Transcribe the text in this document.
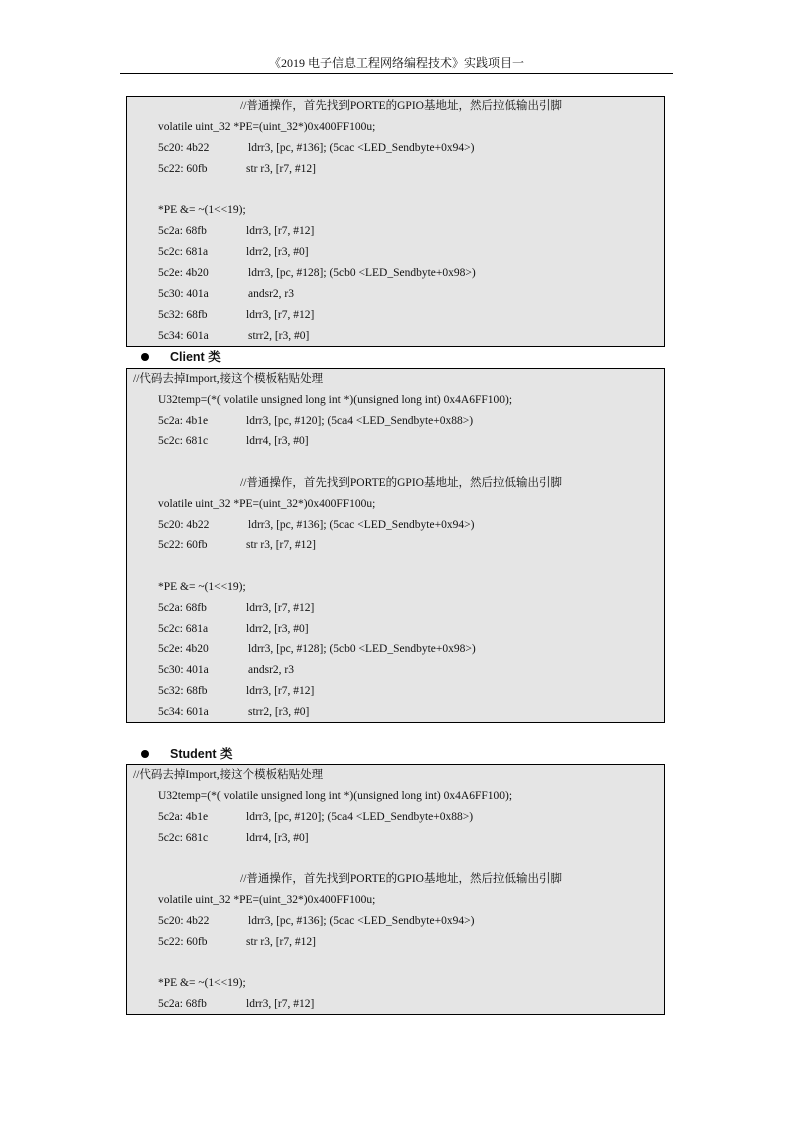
《2019 电子信息工程网络编程技术》实践项目一
//普通操作，首先找到PORTE的GPIO基地址，然后拉低输出引脚
volatile uint_32 *PE=(uint_32*)0x400FF100u;
5c20: 4b22	ldrr3, [pc, #136]; (5cac <LED_Sendbyte+0x94>)
5c22: 60fb	str r3, [r7, #12]
*PE &= ~(1<<19);
5c2a: 68fb	ldrr3, [r7, #12]
5c2c: 681a	ldrr2, [r3, #0]
5c2e: 4b20	ldrr3, [pc, #128]; (5cb0 <LED_Sendbyte+0x98>)
5c30: 401a	andsr2, r3
5c32: 68fb	ldrr3, [r7, #12]
5c34: 601a	strr2, [r3, #0]
Client 类
//代码去掉Import,接这个模板粘贴处理
U32temp=(*( volatile unsigned long int *)(unsigned long int) 0x4A6FF100);
5c2a: 4b1e	ldrr3, [pc, #120]; (5ca4 <LED_Sendbyte+0x88>)
5c2c: 681c	ldrr4, [r3, #0]
//普通操作，首先找到PORTE的GPIO基地址，然后拉低输出引脚
volatile uint_32 *PE=(uint_32*)0x400FF100u;
5c20: 4b22	ldrr3, [pc, #136]; (5cac <LED_Sendbyte+0x94>)
5c22: 60fb	str r3, [r7, #12]
*PE &= ~(1<<19);
5c2a: 68fb	ldrr3, [r7, #12]
5c2c: 681a	ldrr2, [r3, #0]
5c2e: 4b20	ldrr3, [pc, #128]; (5cb0 <LED_Sendbyte+0x98>)
5c30: 401a	andsr2, r3
5c32: 68fb	ldrr3, [r7, #12]
5c34: 601a	strr2, [r3, #0]
Student 类
//代码去掉Import,接这个模板粘贴处理
U32temp=(*( volatile unsigned long int *)(unsigned long int) 0x4A6FF100);
5c2a: 4b1e	ldrr3, [pc, #120]; (5ca4 <LED_Sendbyte+0x88>)
5c2c: 681c	ldrr4, [r3, #0]
//普通操作，首先找到PORTE的GPIO基地址，然后拉低输出引脚
volatile uint_32 *PE=(uint_32*)0x400FF100u;
5c20: 4b22	ldrr3, [pc, #136]; (5cac <LED_Sendbyte+0x94>)
5c22: 60fb	str r3, [r7, #12]
*PE &= ~(1<<19);
5c2a: 68fb	ldrr3, [r7, #12]
